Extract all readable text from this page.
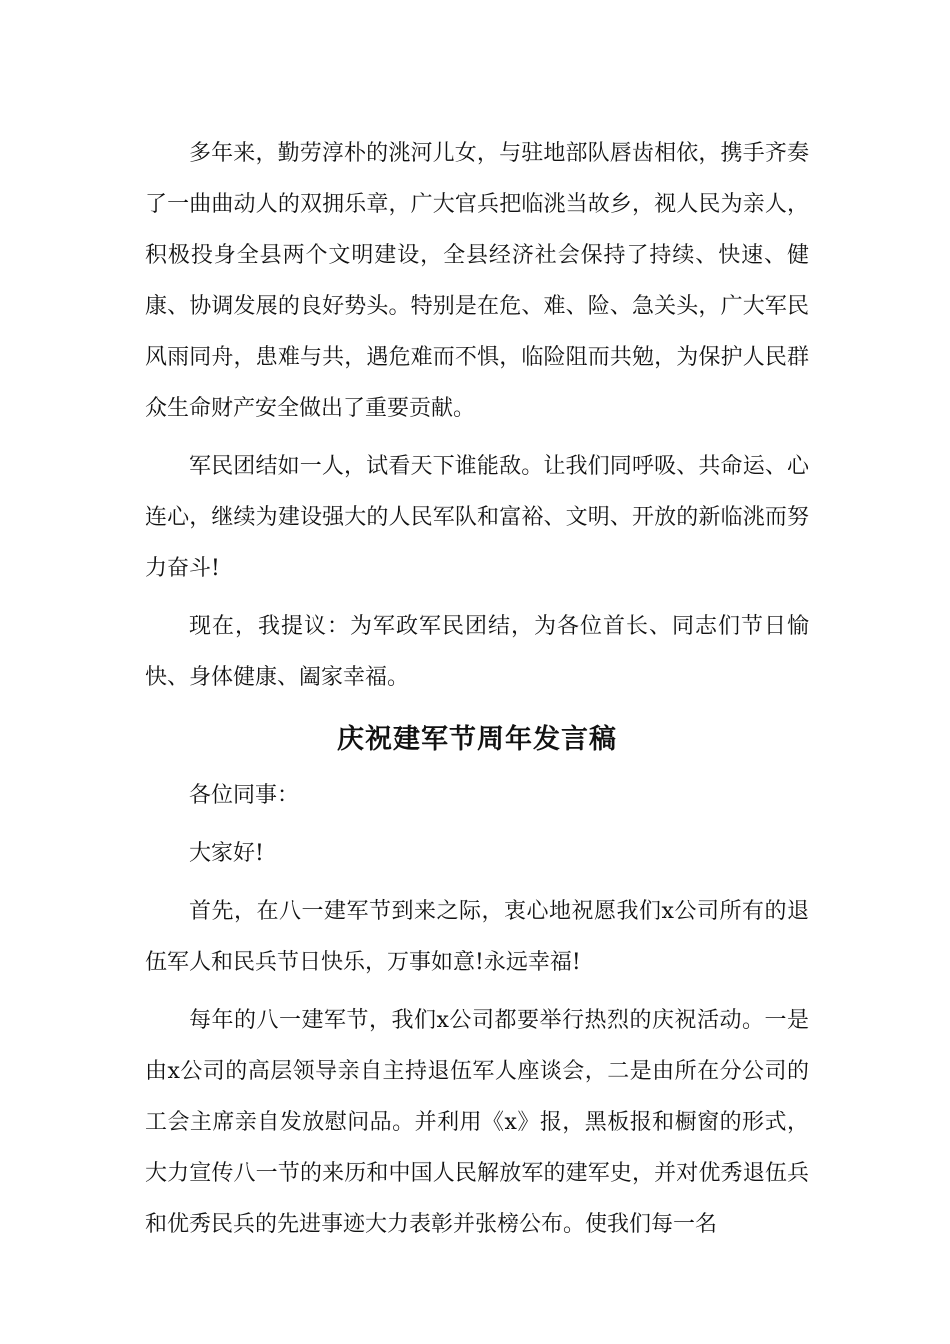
多年来，勤劳淳朴的洮河儿女，与驻地部队唇齿相依，携手齐奏了一曲曲动人的双拥乐章，广大官兵把临洮当故乡，视人民为亲人，积极投身全县两个文明建设，全县经济社会保持了持续、快速、健康、协调发展的良好势头。特别是在危、难、险、急关头，广大军民风雨同舟，患难与共，遇危难而不惧，临险阻而共勉，为保护人民群众生命财产安全做出了重要贡献。

军民团结如一人，试看天下谁能敌。让我们同呼吸、共命运、心连心，继续为建设强大的人民军队和富裕、文明、开放的新临洮而努力奋斗!

现在，我提议：为军政军民团结，为各位首长、同志们节日愉快、身体健康、阖家幸福。

庆祝建军节周年发言稿

各位同事：

大家好!

首先，在八一建军节到来之际，衷心地祝愿我们x公司所有的退伍军人和民兵节日快乐，万事如意!永远幸福!

每年的八一建军节，我们x公司都要举行热烈的庆祝活动。一是由x公司的高层领导亲自主持退伍军人座谈会，二是由所在分公司的工会主席亲自发放慰问品。并利用《x》报，黑板报和橱窗的形式，大力宣传八一节的来历和中国人民解放军的建军史，并对优秀退伍兵和优秀民兵的先进事迹大力表彰并张榜公布。使我们每一名
